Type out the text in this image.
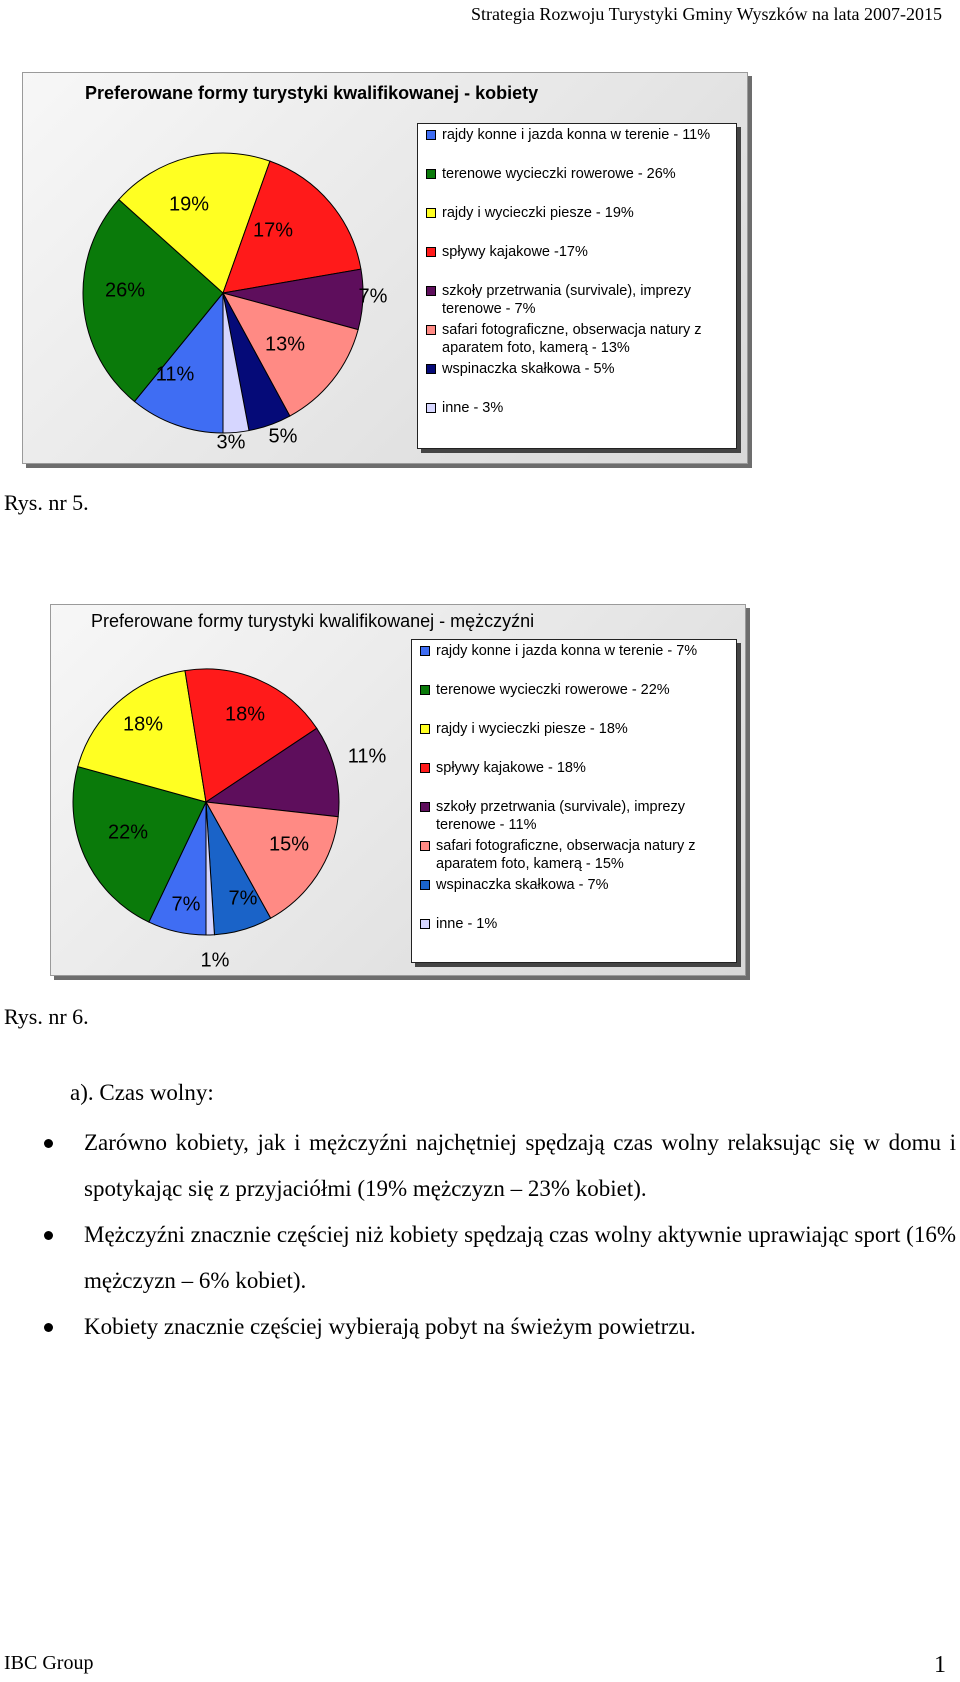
Strategia Rozwoju Turystyki Gminy Wyszków na lata 2007-2015
Preferowane formy turystyki kwalifikowanej - kobiety
11%
26%
19%
17%
7%
13%
5%
3%
rajdy konne i jazda konna w terenie - 11%
terenowe wycieczki rowerowe - 26%
rajdy i wycieczki piesze - 19%
spływy kajakowe -17%
szkoły przetrwania (survivale), imprezy terenowe - 7%
safari fotograficzne, obserwacja natury z aparatem foto, kamerą - 13%
wspinaczka skałkowa - 5%
inne - 3%
Rys. nr 5.
Preferowane formy turystyki kwalifikowanej - mężczyźni
7%
22%
18%	18%
11%
15%
7%
1%
rajdy konne i jazda konna w terenie - 7%
terenowe wycieczki rowerowe - 22%
rajdy i wycieczki piesze - 18%
spływy kajakowe - 18%
szkoły przetrwania (survivale), imprezy terenowe - 11%
safari fotograficzne, obserwacja natury z aparatem foto, kamerą - 15%
wspinaczka skałkowa - 7%
inne - 1%
Rys. nr 6.
a). Czas wolny:
Zarówno kobiety, jak i mężczyźni najchętniej spędzają czas wolny relaksując się w domu i spotykając się z przyjaciółmi (19% mężczyzn – 23% kobiet).
Mężczyźni znacznie częściej niż kobiety spędzają czas wolny aktywnie uprawiając sport (16% mężczyzn – 6% kobiet).
Kobiety znacznie częściej wybierają pobyt na świeżym powietrzu.
IBC Group	1
